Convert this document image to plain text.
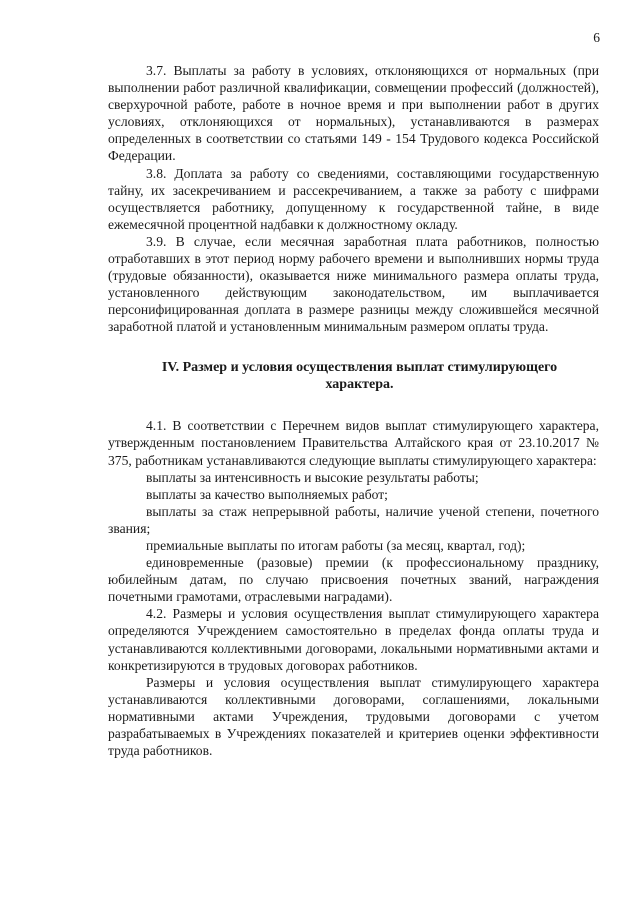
6

3.7. Выплаты за работу в условиях, отклоняющихся от нормальных (при выполнении работ различной квалификации, совмещении профессий (должностей), сверхурочной работе, работе в ночное время и при выполнении работ в других условиях, отклоняющихся от нормальных), устанавливаются в размерах определенных в соответствии со статьями 149 - 154 Трудового кодекса Российской Федерации.

3.8. Доплата за работу со сведениями, составляющими государственную тайну, их засекречиванием и рассекречиванием, а также за работу с шифрами осуществляется работнику, допущенному к государственной тайне, в виде ежемесячной процентной надбавки к должностному окладу.

3.9. В случае, если месячная заработная плата работников, полностью отработавших в этот период норму рабочего времени и выполнивших нормы труда (трудовые обязанности), оказывается ниже минимального размера оплаты труда, установленного действующим законодательством, им выплачивается персонифицированная доплата в размере разницы между сложившейся месячной заработной платой и установленным минимальным размером оплаты труда.

IV. Размер и условия осуществления выплат стимулирующего характера.

4.1. В соответствии с Перечнем видов выплат стимулирующего характера, утвержденным постановлением Правительства Алтайского края от 23.10.2017 № 375, работникам устанавливаются следующие выплаты стимулирующего характера:

выплаты за интенсивность и высокие результаты работы;

выплаты за качество выполняемых работ;

выплаты за стаж непрерывной работы, наличие ученой степени, почетного звания;

премиальные выплаты по итогам работы (за месяц, квартал, год);

единовременные (разовые) премии (к профессиональному празднику, юбилейным датам, по случаю присвоения почетных званий, награждения почетными грамотами, отраслевыми наградами).

4.2. Размеры и условия осуществления выплат стимулирующего характера определяются Учреждением самостоятельно в пределах фонда оплаты труда и устанавливаются коллективными договорами, локальными нормативными актами и конкретизируются в трудовых договорах работников.

Размеры и условия осуществления выплат стимулирующего характера устанавливаются коллективными договорами, соглашениями, локальными нормативными актами Учреждения, трудовыми договорами с учетом разрабатываемых в Учреждениях показателей и критериев оценки эффективности труда работников.
